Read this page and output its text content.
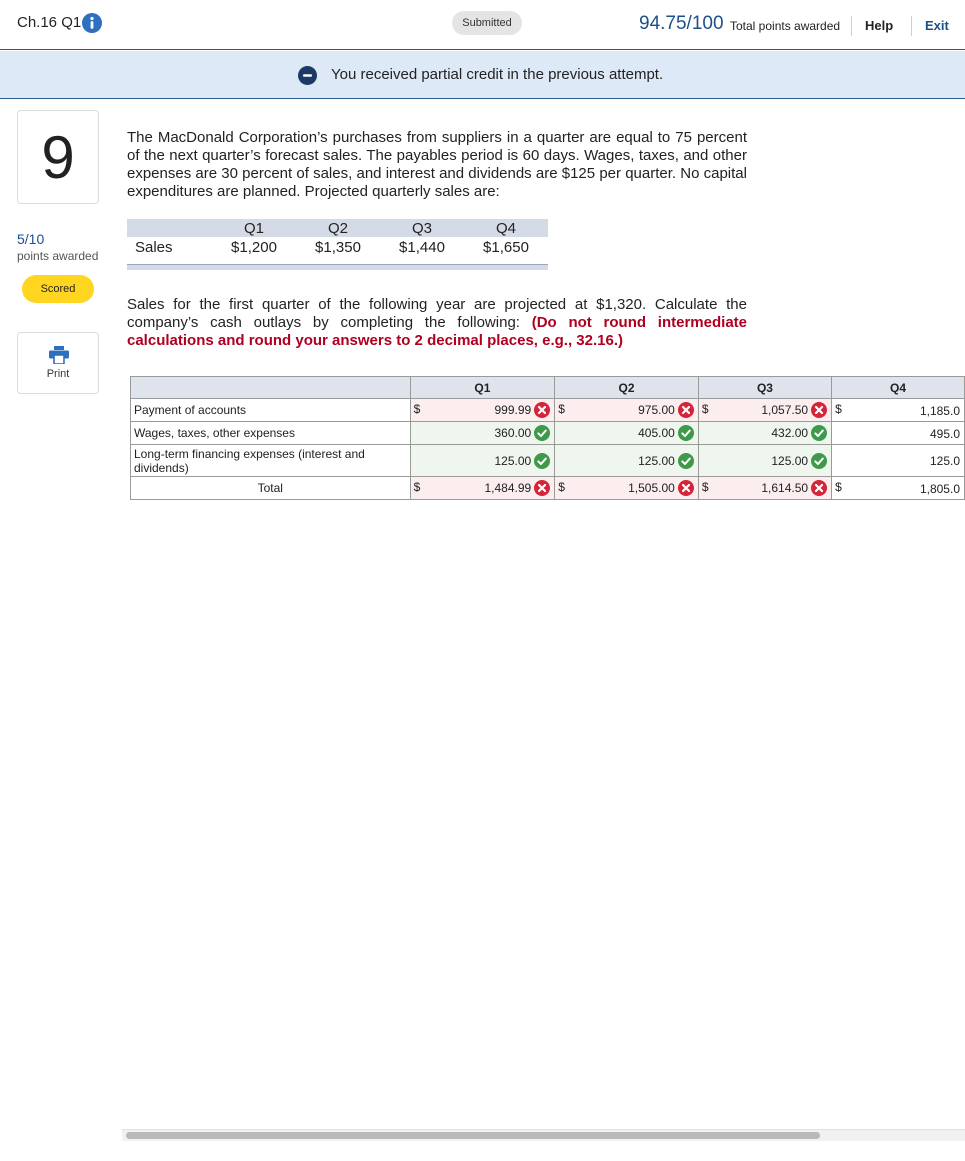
Ch.16 Q1	Submitted	94.75/100 Total points awarded Help Exit
You received partial credit in the previous attempt.
9
5/10
points awarded
Scored
Print

The MacDonald Corporation’s purchases from suppliers in a quarter are equal to 75 percent of the next quarter’s forecast sales. The payables period is 60 days. Wages, taxes, and other expenses are 30 percent of sales, and interest and dividends are $125 per quarter. No capital expenditures are planned. Projected quarterly sales are:

	Q1	Q2	Q3	Q4
Sales	$1,200	$1,350	$1,440	$1,650

Sales for the first quarter of the following year are projected at $1,320. Calculate the company’s cash outlays by completing the following: (Do not round intermediate calculations and round your answers to 2 decimal places, e.g., 32.16.)

	Q1		Q2		Q3		Q4	
Payment of accounts	$	999.99	$	975.00	$	1,057.50	$	1,185.0
Wages, taxes, other expenses		360.00		405.00		432.00		495.0
Long-term financing expenses (interest and dividends)		125.00		125.00		125.00		125.0
Total	$	1,484.99	$	1,505.00	$	1,614.50	$	1,805.0
